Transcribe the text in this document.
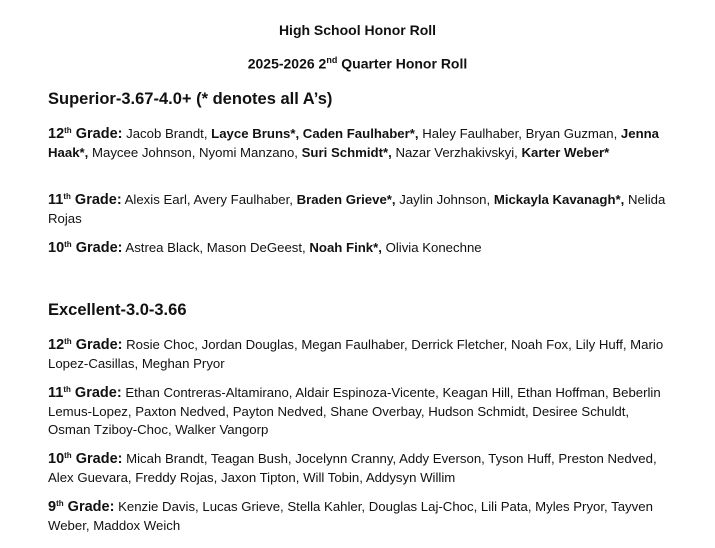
High School Honor Roll
2025-2026 2nd Quarter Honor Roll
Superior-3.67-4.0+ (* denotes all A’s)
12th Grade: Jacob Brandt, Layce Bruns*, Caden Faulhaber*, Haley Faulhaber, Bryan Guzman, Jenna Haak*, Maycee Johnson, Nyomi Manzano, Suri Schmidt*, Nazar Verzhakivskyi, Karter Weber*
11th Grade: Alexis Earl, Avery Faulhaber, Braden Grieve*, Jaylin Johnson, Mickayla Kavanagh*, Nelida Rojas
10th Grade: Astrea Black, Mason DeGeest, Noah Fink*, Olivia Konechne
Excellent-3.0-3.66
12th Grade: Rosie Choc, Jordan Douglas, Megan Faulhaber, Derrick Fletcher, Noah Fox, Lily Huff, Mario Lopez-Casillas, Meghan Pryor
11th Grade: Ethan Contreras-Altamirano, Aldair Espinoza-Vicente, Keagan Hill, Ethan Hoffman, Beberlin Lemus-Lopez, Paxton Nedved, Payton Nedved, Shane Overbay, Hudson Schmidt, Desiree Schuldt, Osman Tziboy-Choc, Walker Vangorp
10th Grade: Micah Brandt, Teagan Bush, Jocelynn Cranny, Addy Everson, Tyson Huff, Preston Nedved, Alex Guevara, Freddy Rojas, Jaxon Tipton, Will Tobin, Addysyn Willim
9th Grade: Kenzie Davis, Lucas Grieve, Stella Kahler, Douglas Laj-Choc, Lili Pata, Myles Pryor, Tayven Weber, Maddox Weich
